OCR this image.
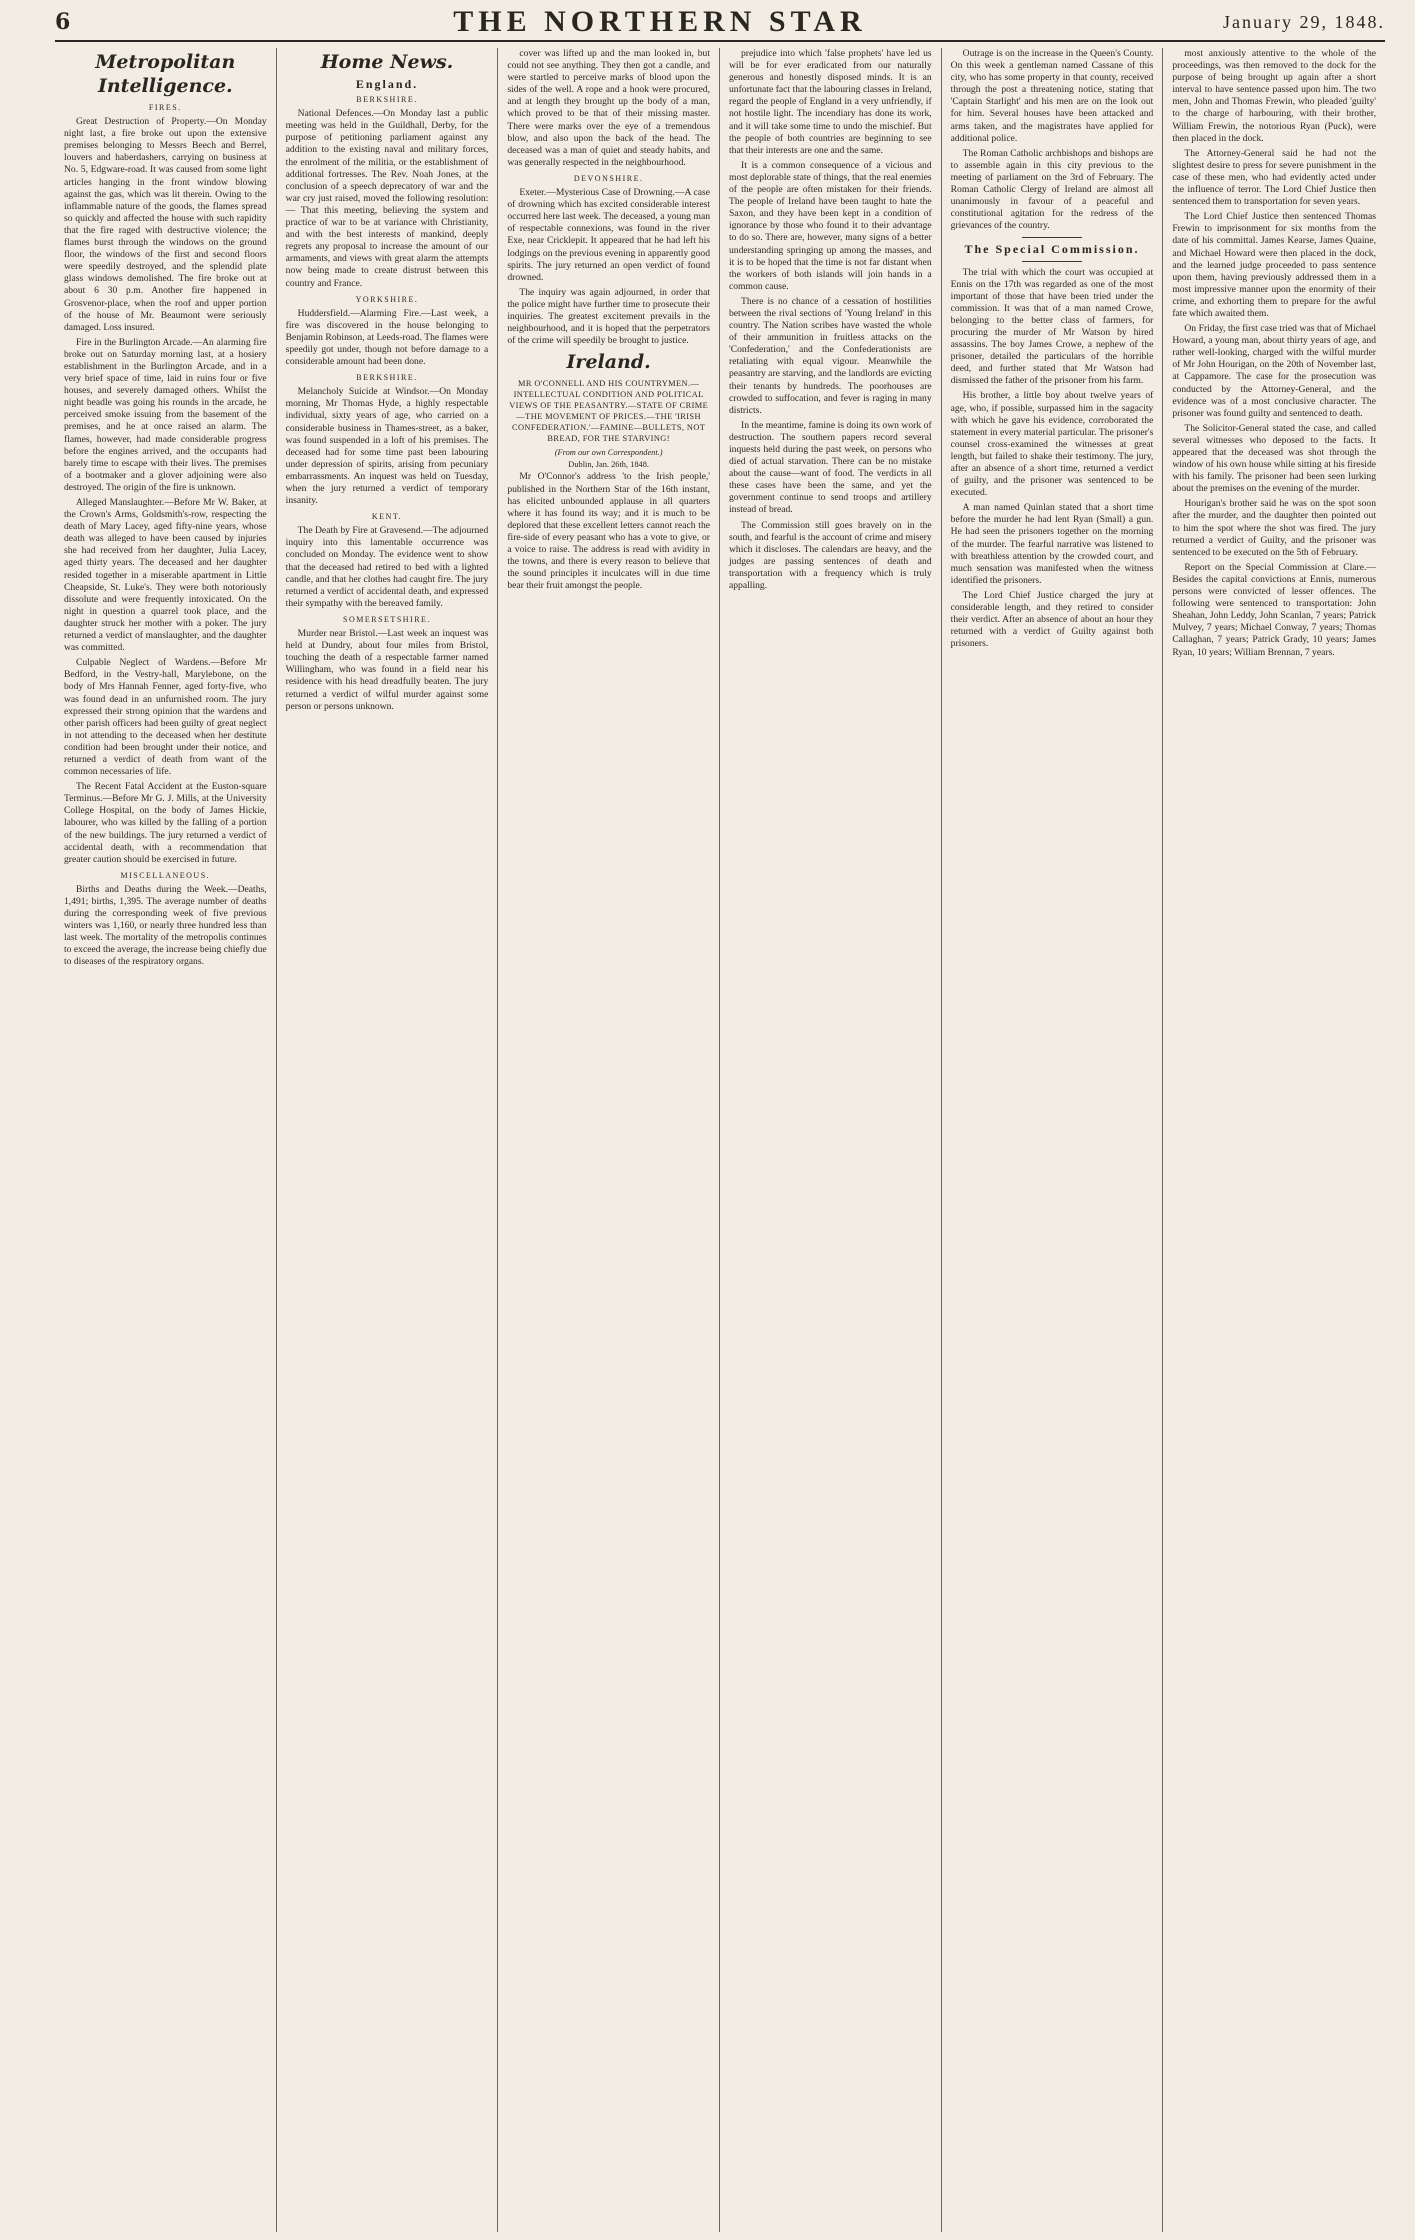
6	THE NORTHERN STAR	January 29, 1848.
Metropolitan Intelligence.
FIRES.

Great Destruction of Property.—On Monday night last, a fire broke out upon the extensive premises belonging to Messrs Beech and Berrel, louvers and haberdashers, carrying on business at No. 5, Edgware-road. It was caused from some light articles hanging in the front window blowing against the gas, which was lit therein. Owing to the inflammable nature of the goods, the flames spread so quickly and affected the house with such rapidity that the fire raged with destructive violence; the flames burst through the windows on the ground floor, the windows of the first and second floors were speedily destroyed, and the splendid plate glass windows demolished. The fire broke out at about 6 30 p.m. Another fire happened in Grosvenor-place, when the roof and upper portion of the house of Mr. Beaumont were seriously damaged. Loss insured.

Fire in the Burlington Arcade.—An alarming fire broke out on Saturday morning last, at a hosiery establishment in the Burlington Arcade, and in a very brief space of time, laid in ruins four or five houses, and severely damaged others. Whilst the night beadle was going his rounds in the arcade, he perceived smoke issuing from the basement of the premises, and he at once raised an alarm. The flames, however, had made considerable progress before the engines arrived, and the occupants had barely time to escape with their lives. The premises of a bootmaker and a glover adjoining were also destroyed. The origin of the fire is unknown.

Alleged Manslaughter.—Before Mr W. Baker, at the Crown's Arms, Goldsmith's-row, respecting the death of Mary Lacey, aged fifty-nine years, whose death was alleged to have been caused by injuries she had received from her daughter, Julia Lacey, aged thirty years. The deceased and her daughter resided together in a miserable apartment in Little Cheapside, St. Luke's. They were both notoriously dissolute and were frequently intoxicated. On the night in question a quarrel took place, and the daughter struck her mother with a poker. The jury returned a verdict of manslaughter, and the daughter was committed.

Culpable Neglect of Wardens.—Before Mr Bedford, in the Vestry-hall, Marylebone, on the body of Mrs Hannah Fenner, aged forty-five, who was found dead in an unfurnished room. The jury expressed their strong opinion that the wardens and other parish officers had been guilty of great neglect in not attending to the deceased when her destitute condition had been brought under their notice, and returned a verdict of death from want of the common necessaries of life.

The Recent Fatal Accident at the Euston-square Terminus.—Before Mr G. J. Mills, at the University College Hospital, on the body of James Hickie, labourer, who was killed by the falling of a portion of the new buildings. The jury returned a verdict of accidental death, with a recommendation that greater caution should be exercised in future.

MISCELLANEOUS.

Births and Deaths during the Week.—Deaths, 1,491; births, 1,395. The average number of deaths during the corresponding week of five previous winters was 1,160, or nearly three hundred less than last week. The mortality of the metropolis continues to exceed the average, the increase being chiefly due to diseases of the respiratory organs.

Home News.
England.
BERKSHIRE.

National Defences.—On Monday last a public meeting was held in the Guildhall, Derby, for the purpose of petitioning parliament against any addition to the existing naval and military forces, the enrolment of the militia, or the establishment of additional fortresses. The Rev. Noah Jones, at the conclusion of a speech deprecatory of war and the war cry just raised, moved the following resolution:— That this meeting, believing the system and practice of war to be at variance with Christianity, and with the best interests of mankind, deeply regrets any proposal to increase the amount of our armaments, and views with great alarm the attempts now being made to create distrust between this country and France.

YORKSHIRE.

Huddersfield.—Alarming Fire.—Last week, a fire was discovered in the house belonging to Benjamin Robinson, at Leeds-road. The flames were speedily got under, though not before damage to a considerable amount had been done.

BERKSHIRE.

Melancholy Suicide at Windsor.—On Monday morning, Mr Thomas Hyde, a highly respectable individual, sixty years of age, who carried on a considerable business in Thames-street, as a baker, was found suspended in a loft of his premises. The deceased had for some time past been labouring under depression of spirits, arising from pecuniary embarrassments. An inquest was held on Tuesday, when the jury returned a verdict of temporary insanity.

KENT.

The Death by Fire at Gravesend.—The adjourned inquiry into this lamentable occurrence was concluded on Monday. The evidence went to show that the deceased had retired to bed with a lighted candle, and that her clothes had caught fire. The jury returned a verdict of accidental death, and expressed their sympathy with the bereaved family.

SOMERSETSHIRE.

Murder near Bristol.—Last week an inquest was held at Dundry, about four miles from Bristol, touching the death of a respectable farmer named Willingham, who was found in a field near his residence with his head dreadfully beaten. The jury returned a verdict of wilful murder against some person or persons unknown.

cover was lifted up and the man looked in, but could not see anything. They then got a candle, and were startled to perceive marks of blood upon the sides of the well. A rope and a hook were procured, and at length they brought up the body of a man, which proved to be that of their missing master. There were marks over the eye of a tremendous blow, and also upon the back of the head. The deceased was a man of quiet and steady habits, and was generally respected in the neighbourhood.

DEVONSHIRE.

Exeter.—Mysterious Case of Drowning.—A case of drowning which has excited considerable interest occurred here last week. The deceased, a young man of respectable connexions, was found in the river Exe, near Cricklepit. It appeared that he had left his lodgings on the previous evening in apparently good spirits. The jury returned an open verdict of found drowned.

The inquiry was again adjourned, in order that the police might have further time to prosecute their inquiries. The greatest excitement prevails in the neighbourhood, and it is hoped that the perpetrators of the crime will speedily be brought to justice.

Ireland.
MR O'CONNELL AND HIS COUNTRYMEN.—INTELLECTUAL CONDITION AND POLITICAL VIEWS OF THE PEASANTRY.—STATE OF CRIME—THE MOVEMENT OF PRICES.—THE 'IRISH CONFEDERATION.'—FAMINE—BULLETS, NOT BREAD, FOR THE STARVING!
(From our own Correspondent.)
Dublin, Jan. 26th, 1848.

Mr O'Connor's address 'to the Irish people,' published in the Northern Star of the 16th instant, has elicited unbounded applause in all quarters where it has found its way; and it is much to be deplored that these excellent letters cannot reach the fire-side of every peasant who has a vote to give, or a voice to raise. The address is read with avidity in the towns, and there is every reason to believe that the sound principles it inculcates will in due time bear their fruit amongst the people.

prejudice into which 'false prophets' have led us will be for ever eradicated from our naturally generous and honestly disposed minds. It is an unfortunate fact that the labouring classes in Ireland, regard the people of England in a very unfriendly, if not hostile light. The incendiary has done its work, and it will take some time to undo the mischief. But the people of both countries are beginning to see that their interests are one and the same.

It is a common consequence of a vicious and most deplorable state of things, that the real enemies of the people are often mistaken for their friends. The people of Ireland have been taught to hate the Saxon, and they have been kept in a condition of ignorance by those who found it to their advantage to do so. There are, however, many signs of a better understanding springing up among the masses, and it is to be hoped that the time is not far distant when the workers of both islands will join hands in a common cause.

There is no chance of a cessation of hostilities between the rival sections of 'Young Ireland' in this country. The Nation scribes have wasted the whole of their ammunition in fruitless attacks on the 'Confederation,' and the Confederationists are retaliating with equal vigour. Meanwhile the peasantry are starving, and the landlords are evicting their tenants by hundreds. The poorhouses are crowded to suffocation, and fever is raging in many districts.

In the meantime, famine is doing its own work of destruction. The southern papers record several inquests held during the past week, on persons who died of actual starvation. There can be no mistake about the cause—want of food. The verdicts in all these cases have been the same, and yet the government continue to send troops and artillery instead of bread.

The Commission still goes bravely on in the south, and fearful is the account of crime and misery which it discloses. The calendars are heavy, and the judges are passing sentences of death and transportation with a frequency which is truly appalling.

Outrage is on the increase in the Queen's County. On this week a gentleman named Cassane of this city, who has some property in that county, received through the post a threatening notice, stating that 'Captain Starlight' and his men are on the look out for him. Several houses have been attacked and arms taken, and the magistrates have applied for additional police.

The Roman Catholic archbishops and bishops are to assemble again in this city previous to the meeting of parliament on the 3rd of February. The Roman Catholic Clergy of Ireland are almost all unanimously in favour of a peaceful and constitutional agitation for the redress of the grievances of the country.

The Special Commission.

The trial with which the court was occupied at Ennis on the 17th was regarded as one of the most important of those that have been tried under the commission. It was that of a man named Crowe, belonging to the better class of farmers, for procuring the murder of Mr Watson by hired assassins. The boy James Crowe, a nephew of the prisoner, detailed the particulars of the horrible deed, and further stated that Mr Watson had dismissed the father of the prisoner from his farm.

His brother, a little boy about twelve years of age, who, if possible, surpassed him in the sagacity with which he gave his evidence, corroborated the statement in every material particular. The prisoner's counsel cross-examined the witnesses at great length, but failed to shake their testimony. The jury, after an absence of a short time, returned a verdict of guilty, and the prisoner was sentenced to be executed.

A man named Quinlan stated that a short time before the murder he had lent Ryan (Small) a gun. He had seen the prisoners together on the morning of the murder. The fearful narrative was listened to with breathless attention by the crowded court, and much sensation was manifested when the witness identified the prisoners.

The Lord Chief Justice charged the jury at considerable length, and they retired to consider their verdict. After an absence of about an hour they returned with a verdict of Guilty against both prisoners.

most anxiously attentive to the whole of the proceedings, was then removed to the dock for the purpose of being brought up again after a short interval to have sentence passed upon him. The two men, John and Thomas Frewin, who pleaded 'guilty' to the charge of harbouring, with their brother, William Frewin, the notorious Ryan (Puck), were then placed in the dock.

The Attorney-General said he had not the slightest desire to press for severe punishment in the case of these men, who had evidently acted under the influence of terror. The Lord Chief Justice then sentenced them to transportation for seven years.

The Lord Chief Justice then sentenced Thomas Frewin to imprisonment for six months from the date of his committal. James Kearse, James Quaine, and Michael Howard were then placed in the dock, and the learned judge proceeded to pass sentence upon them, having previously addressed them in a most impressive manner upon the enormity of their crime, and exhorting them to prepare for the awful fate which awaited them.

On Friday, the first case tried was that of Michael Howard, a young man, about thirty years of age, and rather well-looking, charged with the wilful murder of Mr John Hourigan, on the 20th of November last, at Cappamore. The case for the prosecution was conducted by the Attorney-General, and the evidence was of a most conclusive character. The prisoner was found guilty and sentenced to death.

The Solicitor-General stated the case, and called several witnesses who deposed to the facts. It appeared that the deceased was shot through the window of his own house while sitting at his fireside with his family. The prisoner had been seen lurking about the premises on the evening of the murder.

Hourigan's brother said he was on the spot soon after the murder, and the daughter then pointed out to him the spot where the shot was fired. The jury returned a verdict of Guilty, and the prisoner was sentenced to be executed on the 5th of February.

Report on the Special Commission at Clare.—Besides the capital convictions at Ennis, numerous persons were convicted of lesser offences. The following were sentenced to transportation: John Sheahan, John Leddy, John Scanlan, 7 years; Patrick Mulvey, 7 years; Michael Conway, 7 years; Thomas Callaghan, 7 years; Patrick Grady, 10 years; James Ryan, 10 years; William Brennan, 7 years.
